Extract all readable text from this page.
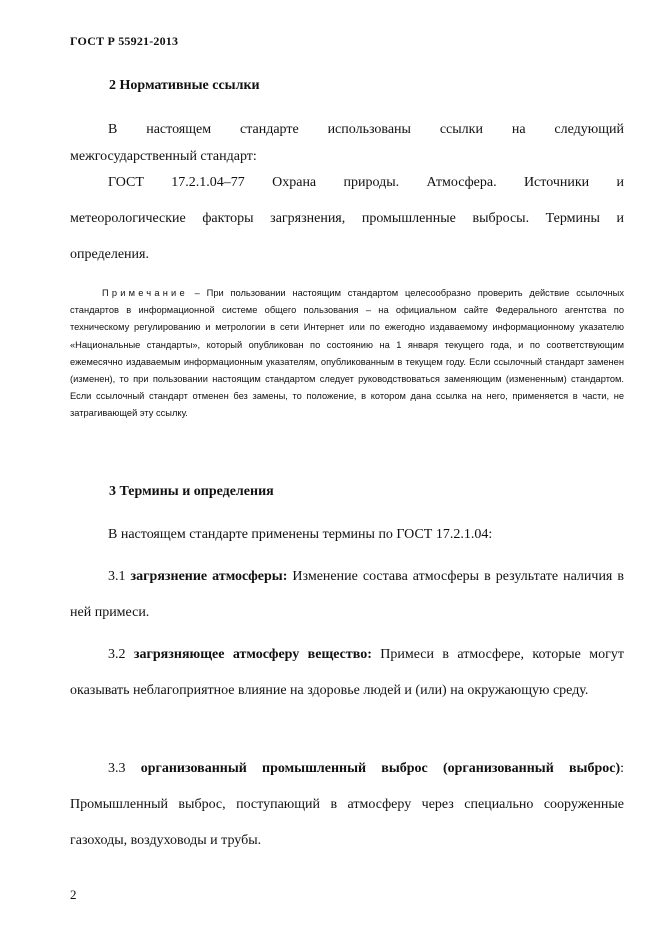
ГОСТ Р 55921-2013
2 Нормативные ссылки
В настоящем стандарте использованы ссылки на следующий
межгосударственный стандарт:
ГОСТ 17.2.1.04–77 Охрана природы. Атмосфера. Источники и
метеорологические факторы загрязнения, промышленные выбросы. Термины и
определения.
Примечание – При пользовании настоящим стандартом целесообразно проверить действие ссылочных стандартов в информационной системе общего пользования – на официальном сайте Федерального агентства по техническому регулированию и метрологии в сети Интернет или по ежегодно издаваемому информационному указателю «Национальные стандарты», который опубликован по состоянию на 1 января текущего года, и по соответствующим ежемесячно издаваемым информационным указателям, опубликованным в текущем году. Если ссылочный стандарт заменен (изменен), то при пользовании настоящим стандартом следует руководствоваться заменяющим (измененным) стандартом. Если ссылочный стандарт отменен без замены, то положение, в котором дана ссылка на него, применяется в части, не затрагивающей эту ссылку.
3 Термины и определения
В настоящем стандарте применены термины по ГОСТ 17.2.1.04:
3.1 загрязнение атмосферы: Изменение состава атмосферы в результате наличия в ней примеси.
3.2 загрязняющее атмосферу вещество: Примеси в атмосфере, которые могут оказывать неблагоприятное влияние на здоровье людей и (или) на окружающую среду.
3.3 организованный промышленный выброс (организованный выброс): Промышленный выброс, поступающий в атмосферу через специально сооруженные газоходы, воздуховоды и трубы.
2
